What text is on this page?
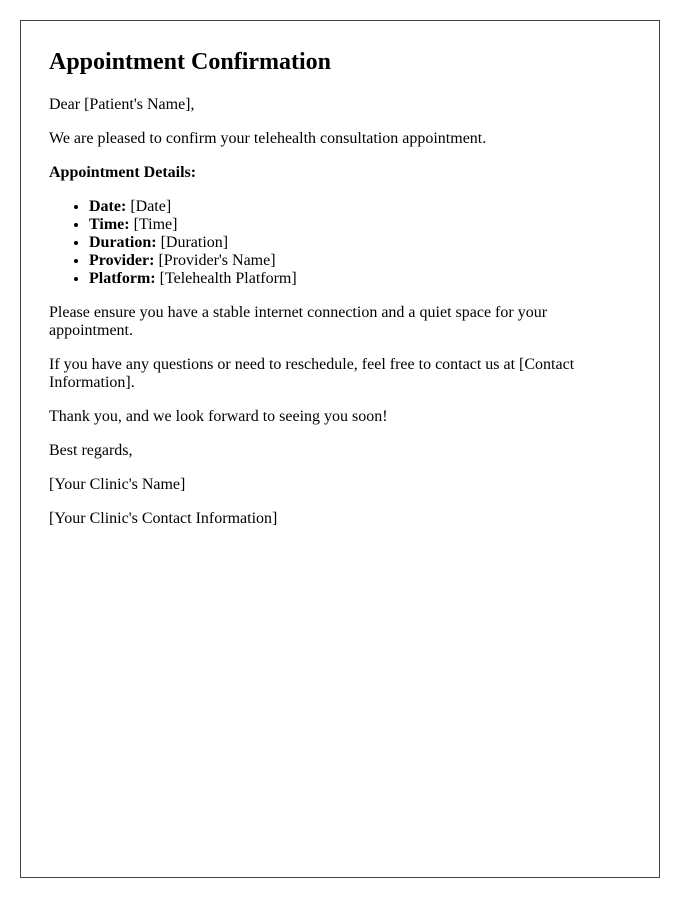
Appointment Confirmation

Dear [Patient's Name],

We are pleased to confirm your telehealth consultation appointment.

Appointment Details:

• Date: [Date]
• Time: [Time]
• Duration: [Duration]
• Provider: [Provider's Name]
• Platform: [Telehealth Platform]

Please ensure you have a stable internet connection and a quiet space for your appointment.

If you have any questions or need to reschedule, feel free to contact us at [Contact Information].

Thank you, and we look forward to seeing you soon!

Best regards,

[Your Clinic's Name]

[Your Clinic's Contact Information]
